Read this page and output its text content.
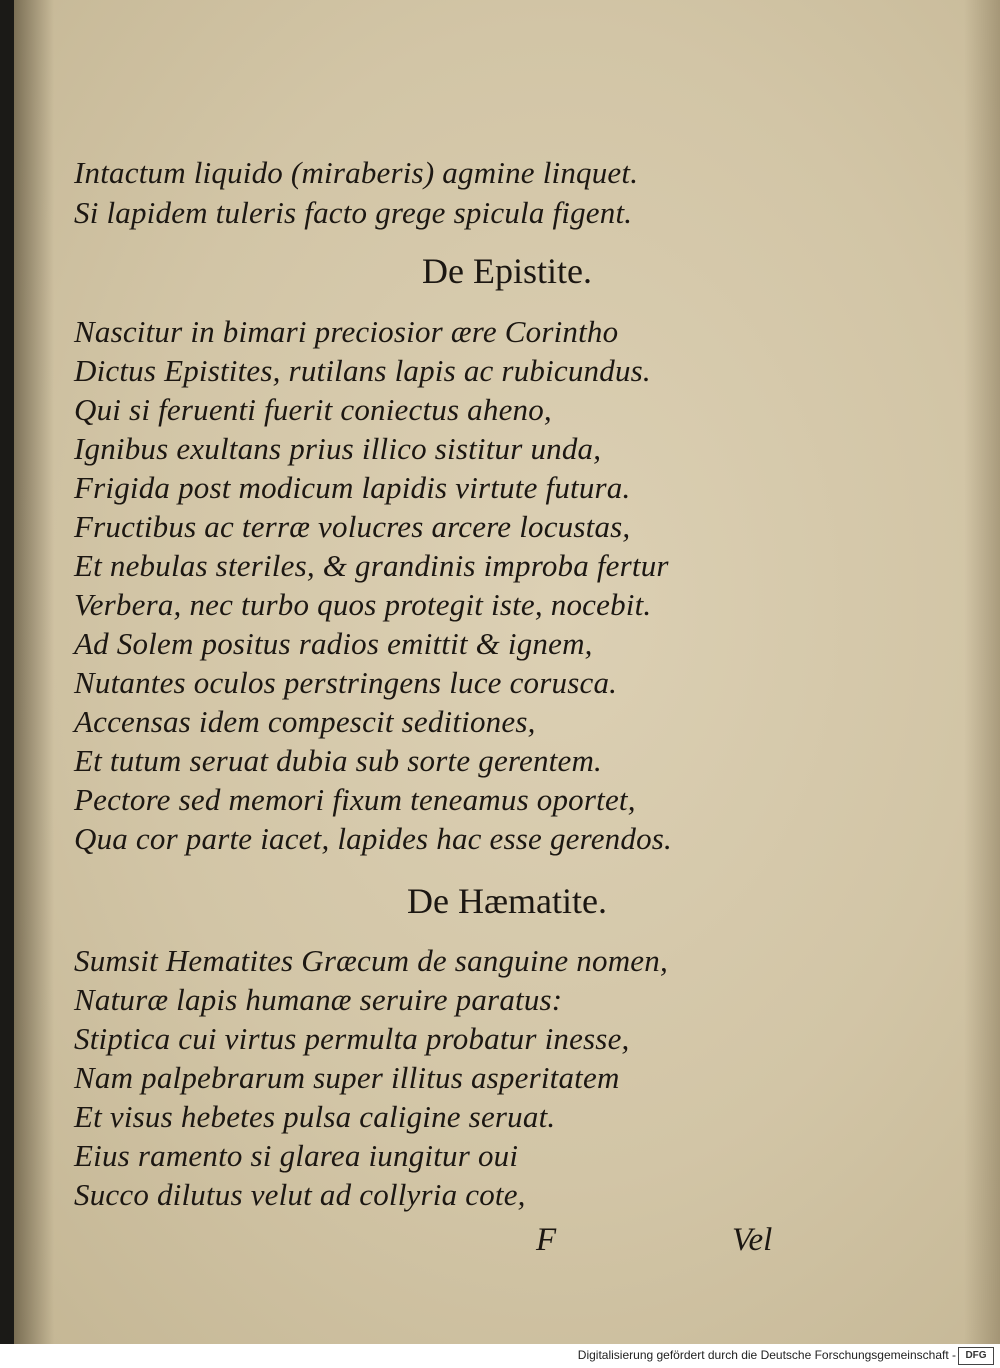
Intactum liquido (miraberis) agmine linquet.
Si lapidem tuleris facto grege spicula figent.
De Epistite.
Nascitur in bimari preciosior ære Corintho
Dictus Epistites, rutilans lapis ac rubicundus.
Qui si feruenti fuerit coniectus aheno,
Ignibus exultans prius illico sistitur unda,
Frigida post modicum lapidis virtute futura.
Fructibus ac terræ volucres arcere locustas,
Et nebulas steriles, & grandinis improba fertur
Verbera, nec turbo quos protegit iste, nocebit.
Ad Solem positus radios emittit & ignem,
Nutantes oculos perstringens luce corusca.
Accensas idem compescit seditiones,
Et tutum seruat dubia sub sorte gerentem.
Pectore sed memori fixum teneamus oportet,
Qua cor parte iacet, lapides hac esse gerendos.
De Hæmatite.
Sumsit Hematites Græcum de sanguine nomen,
Naturæ lapis humanæ seruire paratus:
Stiptica cui virtus permulta probatur inesse,
Nam palpebrarum super illitus asperitatem
Et visus hebetes pulsa caligine seruat.
Eius ramento si glarea iungitur oui
Succo dilutus velut ad collyria cote,
F	Vel
Digitalisierung gefördert durch die Deutsche Forschungsgemeinschaft - DFG
